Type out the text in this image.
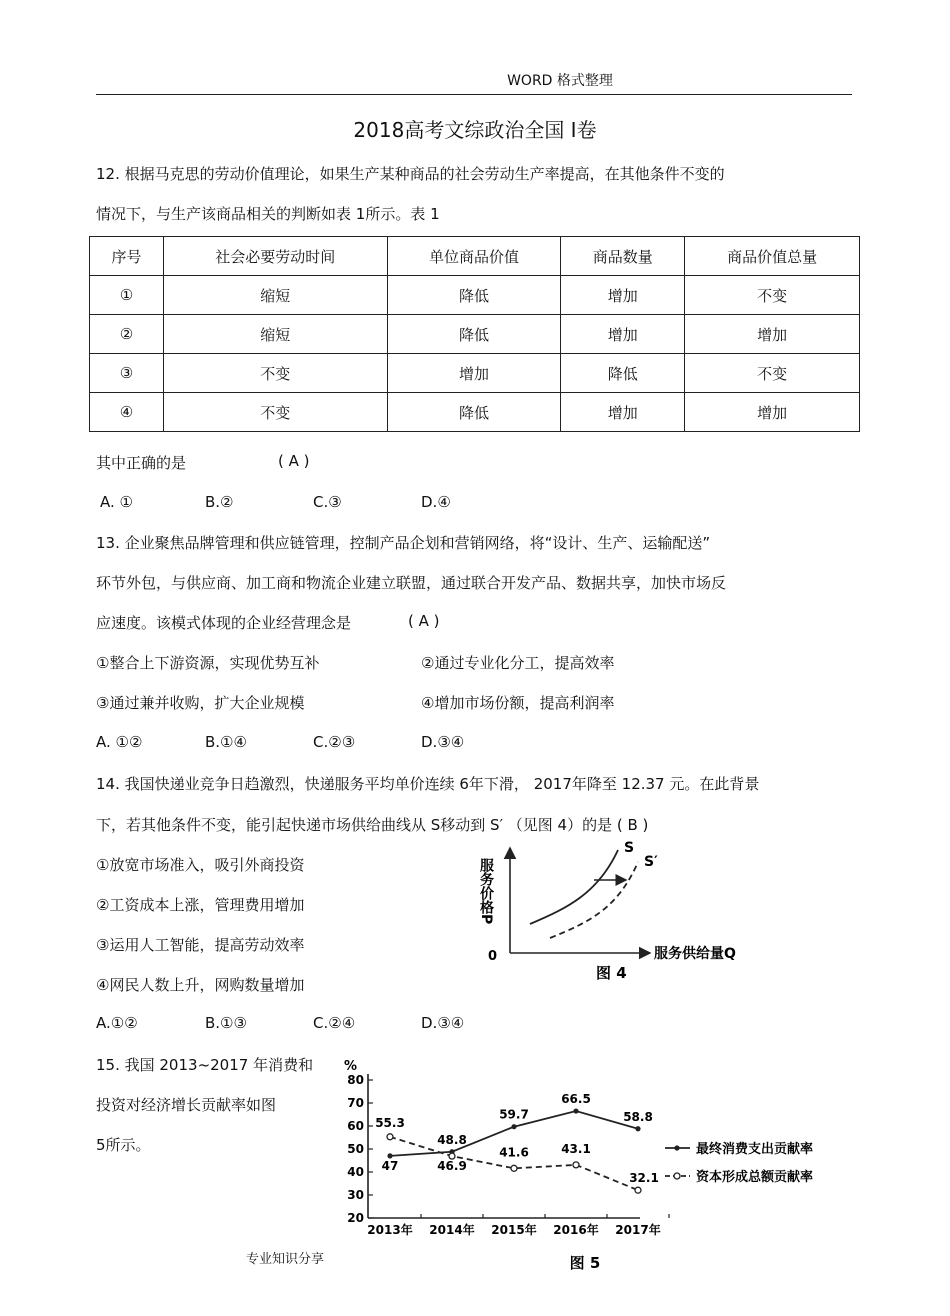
WORD 格式整理
2018高考文综政治全国 I卷
12. 根据马克思的劳动价值理论，如果生产某种商品的社会劳动生产率提高，在其他条件不变的
情况下，与生产该商品相关的判断如表 1所示。表 1
序号	社会必要劳动时间	单位商品价值	商品数量	商品价值总量
①	缩短	降低	增加	不变
②	缩短	降低	增加	增加
③	不变	增加	降低	不变
④	不变	降低	增加	增加
其中正确的是	( A )
A. ①	B.②	C.③	D.④
13. 企业聚焦品牌管理和供应链管理，控制产品企划和营销网络，将“设计、生产、运输配送”
环节外包，与供应商、加工商和物流企业建立联盟，通过联合开发产品、数据共享，加快市场反
应速度。该模式体现的企业经营理念是	( A )
①整合上下游资源，实现优势互补	②通过专业化分工，提高效率
③通过兼并收购，扩大企业规模	④增加市场份额，提高利润率
A. ①②	B.①④	C.②③	D.③④
14. 我国快递业竞争日趋激烈，快递服务平均单价连续 6年下滑， 2017年降至 12.37 元。在此背景
下，若其他条件不变，能引起快递市场供给曲线从 S移动到 S′ （见图 4）的是 ( B )
①放宽市场准入，吸引外商投资
②工资成本上涨，管理费用增加
③运用人工智能，提高劳动效率
④网民人数上升，网购数量增加
A.①②	B.①③	C.②④	D.③④
服务价格P
服务供给量Q
0
S
S′
图 4
15. 我国 2013~2017 年消费和
投资对经济增长贡献率如图
5所示。
%
20
30
40
50
60
70
80
2013年 2014年 2015年 2016年 2017年
47
48.8
59.7
66.5
58.8
55.3
46.9
41.6	43.1
32.1
最终消费支出贡献率
资本形成总额贡献率
图 5
专业知识分享
